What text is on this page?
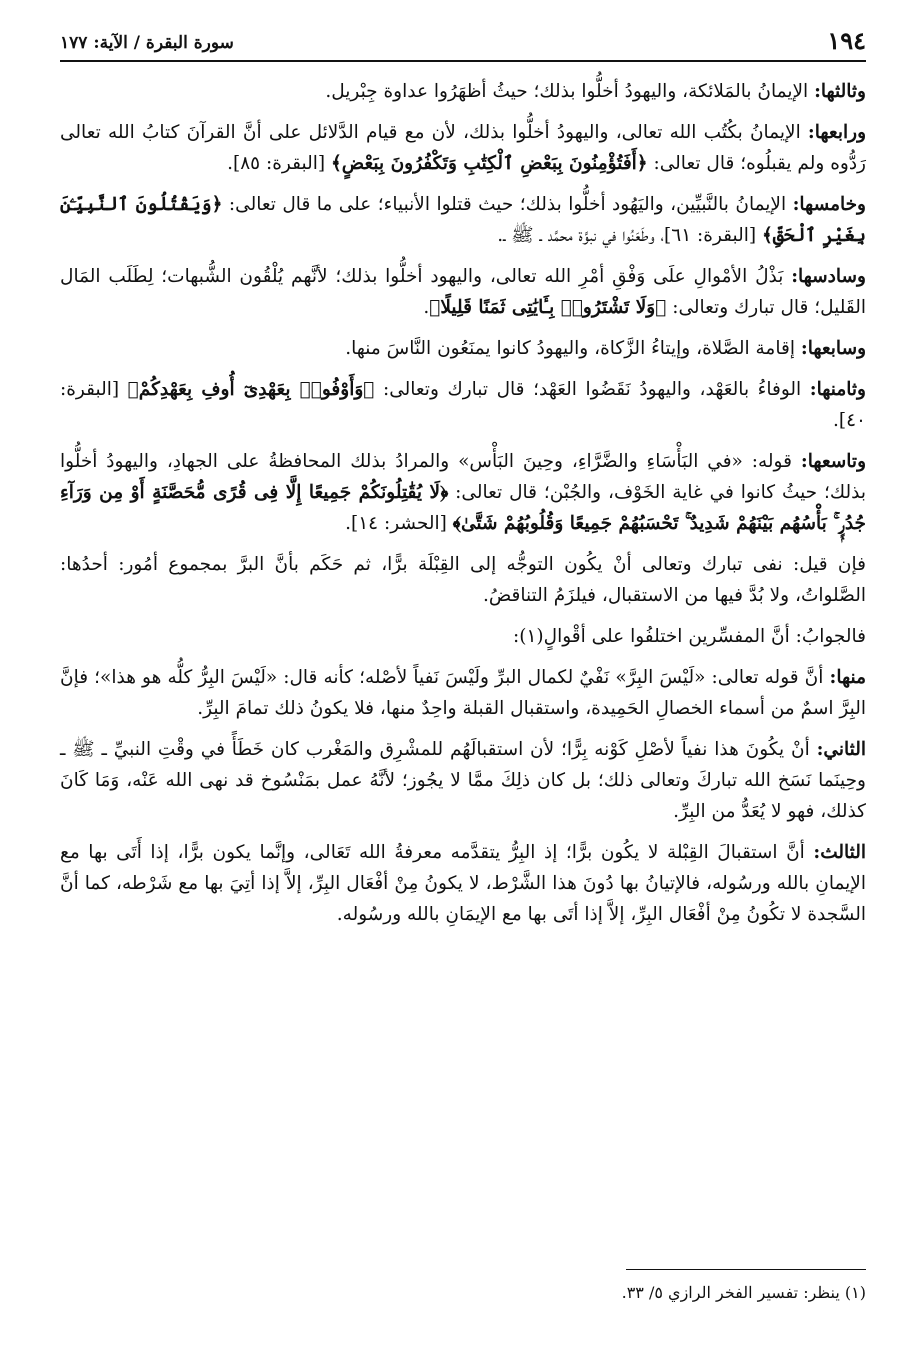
١٩٤
سورة البقرة / الآية: ١٧٧

وثالثها: الإيمانُ بالمَلائكة، واليهودُ أخلُّوا بذلك؛ حيثُ أظهَرُوا عداوة جِبْريل.

ورابعها: الإيمانُ بكُتُب الله تعالى، واليهودُ أخلُّوا بذلك، لأن مع قيام الدَّلائل على أنَّ القرآنَ كتابُ الله تعالى رَدُّوه ولم يقبلُوه؛ قال تعالى: ﴿أَفَتُؤْمِنُونَ بِبَعْضِ ٱلْكِتَٰبِ وَتَكْفُرُونَ بِبَعْضٍ﴾ [البقرة: ٨٥].

وخامسها: الإيمانُ بالنَّبيِّين، واليَهُود أخلُّوا بذلك؛ حيث قتلوا الأنبياء؛ على ما قال تعالى: ﴿وَيَقْتُلُونَ ٱلنَّبِيِّـۧنَ بِغَيْرِ ٱلْحَقِّ﴾ [البقرة: ٦١]، وطَعَنُوا في نبوَّة محمَّد ـ ﷺ ـ.

وسادسها: بَذْلُ الأمْوالِ علَى وَفْقِ أمْرِ الله تعالى، واليهود أخلُّوا بذلك؛ لأنَّهم يُلْقُون الشُّبهات؛ لِطَلَب المَال القَليل؛ قال تبارك وتعالى: ﴿وَلَا تَشْتَرُوا۟ بِـَٔايَٰتِى ثَمَنًا قَلِيلًا﴾.

وسابعها: إقامة الصَّلاة، وإيتاءُ الزَّكاة، واليهودُ كانوا يمنَعُون النَّاسَ منها.

وثامنها: الوفاءُ بالعَهْد، واليهودُ نَقَضُوا العَهْد؛ قال تبارك وتعالى: ﴿وَأَوْفُوا۟ بِعَهْدِىٓ أُوفِ بِعَهْدِكُمْ﴾ [البقرة: ٤٠].

وتاسعها: قوله: «في البَأْسَاءِ والضَّرَّاءِ، وحِينَ البَأْس» والمرادُ بذلك المحافظةُ على الجهادِ، واليهودُ أخلُّوا بذلك؛ حيثُ كانوا في غاية الخَوْف، والجُبْن؛ قال تعالى: ﴿لَا يُقَٰتِلُونَكُمْ جَمِيعًا إِلَّا فِى قُرًى مُّحَصَّنَةٍ أَوْ مِن وَرَآءِ جُدُرٍۭ ۚ بَأْسُهُم بَيْنَهُمْ شَدِيدٌ ۚ تَحْسَبُهُمْ جَمِيعًا وَقُلُوبُهُمْ شَتَّىٰ﴾ [الحشر: ١٤].

فإن قيل: نفى تبارك وتعالى أنْ يكُون التوجُّه إلى القِبْلَة برًّا، ثم حَكَم بأنَّ البرَّ بمجموع أمُور: أحدُها: الصَّلواتُ، ولا بُدَّ فيها من الاستقبال، فيلزَمُ التناقضُ.

فالجوابُ: أنَّ المفسِّرين اختلفُوا على أقْوالٍ(١):

منها: أنَّ قوله تعالى: «لَيْسَ البِرَّ» نَفْيٌ لكمال البرِّ ولَيْسَ نَفياً لأصْله؛ كأنه قال: «لَيْسَ البِرُّ كلُّه هو هذا»؛ فإنَّ البِرَّ اسمٌ من أسماء الخصالِ الحَمِيدة، واستقبال القبلة واحِدٌ منها، فلا يكونُ ذلك تمامَ البِرِّ.

الثاني: أنْ يكُونَ هذا نفياً لأصْلِ كَوْنه بِرًّا؛ لأن استقبالَهُم للمشْرِق والمَغْرب كان خَطَأً في وقْتِ النبيِّ ـ ﷺ ـ وحِينَما نَسَخ الله تباركَ وتعالى ذلك؛ بل كان ذلِكَ ممَّا لا يجُوز؛ لأنَّهُ عمل بمَنْسُوخ قد نهى الله عَنْه، وَمَا كَانَ كذلك، فهو لا يُعَدُّ من البِرِّ.

الثالث: أنَّ استقبالَ القِبْلة لا يكُون برًّا؛ إذ البِرُّ يتقدَّمه معرفةُ الله تَعَالى، وإنَّما يكون برًّا، إذا أَتَى بها مع الإيمانِ بالله ورسُوله، فالإتيانُ بها دُونَ هذا الشَّرْط، لا يكونُ مِنْ أفْعَال البِرِّ، إلاَّ إذا أتِيَ بها مع شَرْطه، كما أنَّ السَّجدة لا تكُونُ مِنْ أفْعَال البِرِّ، إلاَّ إذا أتَى بها مع الإيمَانِ بالله ورسُوله.

(١) ينظر: تفسير الفخر الرازي ٥/ ٣٣.
